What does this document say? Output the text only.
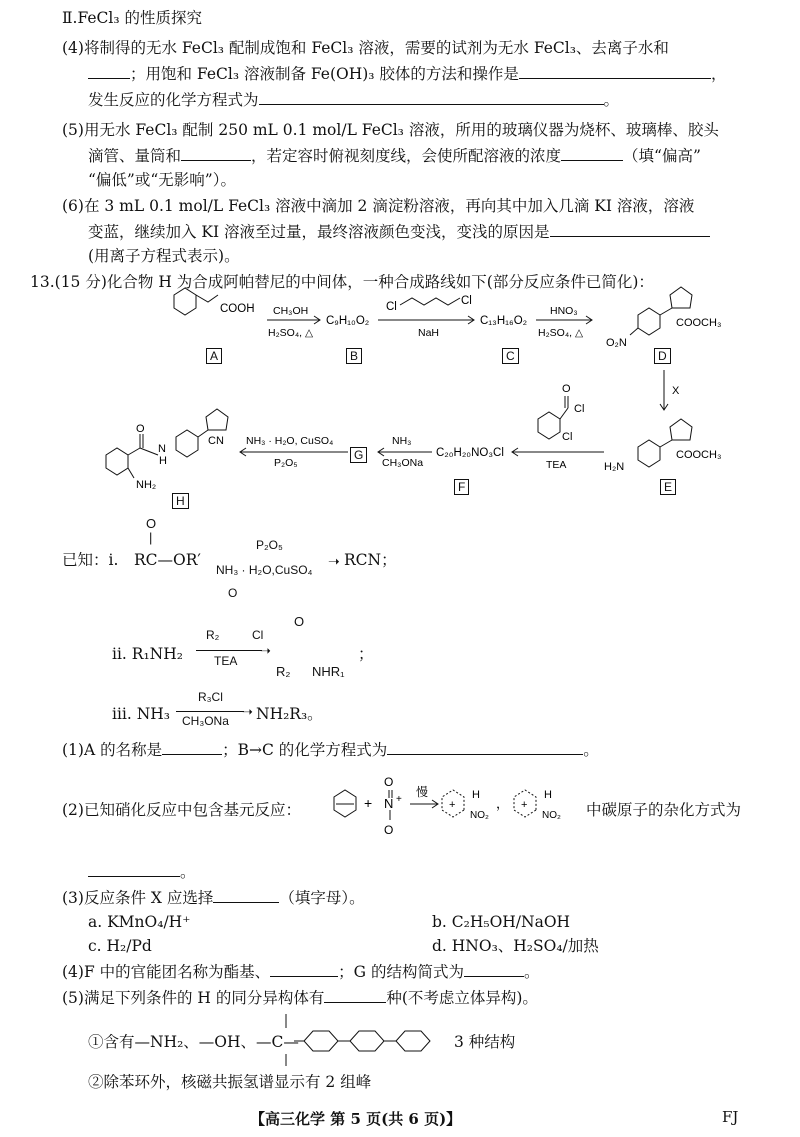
Ⅱ.FeCl₃ 的性质探究
(4)将制得的无水 FeCl₃ 配制成饱和 FeCl₃ 溶液，需要的试剂为无水 FeCl₃、去离子水和
；用饱和 FeCl₃ 溶液制备 Fe(OH)₃ 胶体的方法和操作是	，
发生反应的化学方程式为	。
(5)用无水 FeCl₃ 配制 250 mL 0.1 mol/L FeCl₃ 溶液，所用的玻璃仪器为烧杯、玻璃棒、胶头
滴管、量筒和	，若定容时俯视刻度线，会使所配溶液的浓度	（填“偏高”
“偏低”或“无影响”）。
(6)在 3 mL 0.1 mol/L FeCl₃ 溶液中滴加 2 滴淀粉溶液，再向其中加入几滴 KI 溶液，溶液
变蓝，继续加入 KI 溶液至过量，最终溶液颜色变浅，变浅的原因是
(用离子方程式表示)。
13.(15 分)化合物 H 为合成阿帕替尼的中间体，一种合成路线如下(部分反应条件已简化)：
COOH CH₃OH
H₂SO₄, △
C₉H₁₀O₂
Cl	Cl
NaH
C₁₃H₁₆O₂
HNO₃
H₂SO₄, △
COOCH₃
O₂N
X
COOCH₃
H₂N
O
Cl
Cl
TEA
C₂₀H₂₀NO₃Cl
NH₃
CH₃ONa
NH₃ · H₂O, CuSO₄
P₂O₅
O
N
H
CN
NH₂
A	B	C	D
E
F
G
H
O
|
已知：ⅰ. RC—OR′
P₂O₅
NH₃ · H₂O,CuSO₄
➝ RCN；
O
R₂	Cl
ⅱ. R₁NH₂	TEA
➝
O
R₂ NHR₁
；
ⅲ. NH₃
R₃Cl
CH₃ONa
➝ NH₂R₃。
(1)A 的名称是	；B→C 的化学方程式为	。
(2)已知硝化反应中包含基元反应：	+
O
N +
O
慢
+
H
NO₂
， +
H
NO₂ 中碳原子的杂化方式为
。
(3)反应条件 X 应选择	（填字母）。
a. KMnO₄/H⁺	b. C₂H₅OH/NaOH
c. H₂/Pd	d. HNO₃、H₂SO₄/加热
(4)F 中的官能团名称为酯基、	；G 的结构简式为	。
(5)满足下列条件的 H 的同分异构体有	种(不考虑立体异构)。
①含有—NH₂、—OH、—C—	3 种结构
②除苯环外，核磁共振氢谱显示有 2 组峰
【高三化学 第 5 页(共 6 页)】	FJ
